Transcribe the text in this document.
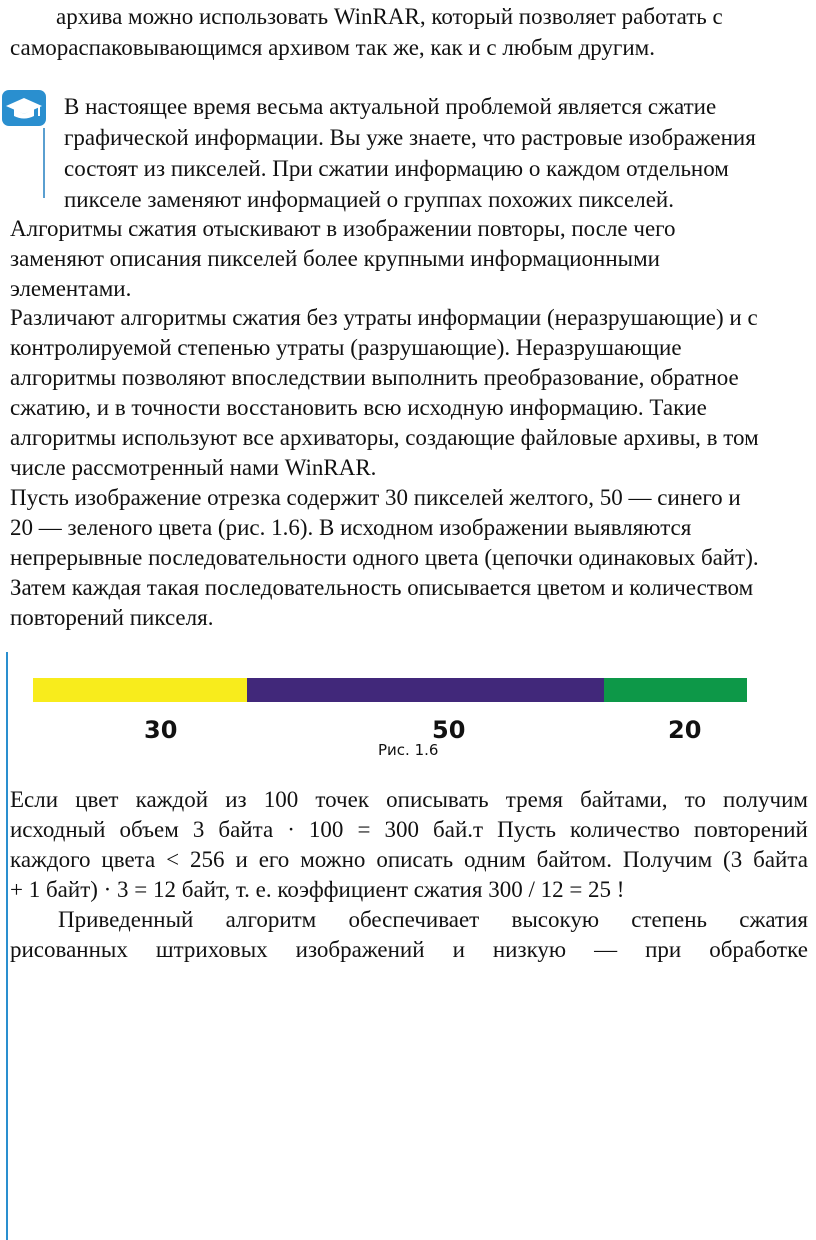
архива можно использовать WinRAR, который позволяет работать с
самораспаковывающимся архивом так же, как и с любым другим.
В настоящее время весьма актуальной проблемой является сжатие
графической информации. Вы уже знаете, что растровые изображения
состоят из пикселей. При сжатии информацию о каждом отдельном
пикселе заменяют информацией о группах похожих пикселей.
Алгоритмы сжатия отыскивают в изображении повторы, после чего
заменяют описания пикселей более крупными информационными
элементами.
Различают алгоритмы сжатия без утраты информации (неразрушающие) и с
контролируемой степенью утраты (разрушающие). Неразрушающие
алгоритмы позволяют впоследствии выполнить преобразование, обратное
сжатию, и в точности восстановить всю исходную информацию. Такие
алгоритмы используют все архиваторы, создающие файловые архивы, в том
числе рассмотренный нами WinRAR.
Пусть изображение отрезка содержит 30 пикселей желтого, 50 — синего и
20 — зеленого цвета (рис. 1.6). В исходном изображении выявляются
непрерывные последовательности одного цвета (цепочки одинаковых байт).
Затем каждая такая последовательность описывается цветом и количеством
повторений пикселя.
30	50	20
Рис. 1.6
Если цвет каждой из 100 точек описывать тремя байтами, то получим
исходный объем 3 байта · 100 = 300 бай.т Пусть количество повторений
каждого цвета < 256 и его можно описать одним байтом. Получим (3 байта
+ 1 байт) · 3 = 12 байт, т. е. коэффициент сжатия 300 / 12 = 25 !
Приведенный алгоритм обеспечивает высокую степень сжатия
рисованных штриховых изображений и низкую — при обработке
